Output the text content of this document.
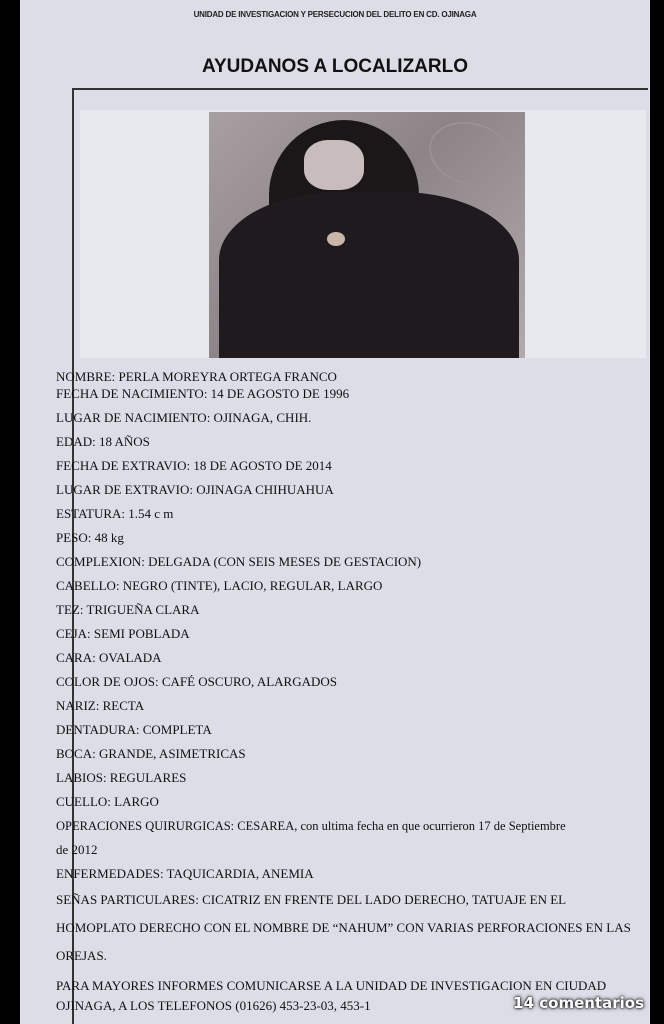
UNIDAD DE INVESTIGACION Y PERSECUCION DEL DELITO EN CD. OJINAGA
AYUDANOS A LOCALIZARLO
NOMBRE: PERLA MOREYRA ORTEGA FRANCO
FECHA DE NACIMIENTO: 14 DE AGOSTO DE 1996
LUGAR DE NACIMIENTO: OJINAGA, CHIH.
EDAD: 18 AÑOS
FECHA DE EXTRAVIO: 18 DE AGOSTO DE 2014
LUGAR DE EXTRAVIO: OJINAGA CHIHUAHUA
ESTATURA: 1.54 c m
PESO: 48 kg
COMPLEXION: DELGADA (CON SEIS MESES DE GESTACION)
CABELLO: NEGRO (TINTE), LACIO, REGULAR, LARGO
TEZ: TRIGUEÑA CLARA
CEJA: SEMI POBLADA
CARA: OVALADA
COLOR DE OJOS: CAFÉ OSCURO, ALARGADOS
NARIZ: RECTA
DENTADURA: COMPLETA
BOCA: GRANDE, ASIMETRICAS
LABIOS: REGULARES
CUELLO: LARGO
OPERACIONES QUIRURGICAS: CESAREA, con ultima fecha en que ocurrieron 17 de Septiembre
de 2012
ENFERMEDADES: TAQUICARDIA, ANEMIA
SEÑAS PARTICULARES: CICATRIZ EN FRENTE DEL LADO DERECHO, TATUAJE EN EL HOMOPLATO DERECHO CON EL NOMBRE DE “NAHUM” CON VARIAS PERFORACIONES EN LAS OREJAS.
PARA MAYORES INFORMES COMUNICARSE A LA UNIDAD DE INVESTIGACION EN CIUDAD OJINAGA, A LOS TELEFONOS (01626) 453-23-03, 453-1	14 comentarios
